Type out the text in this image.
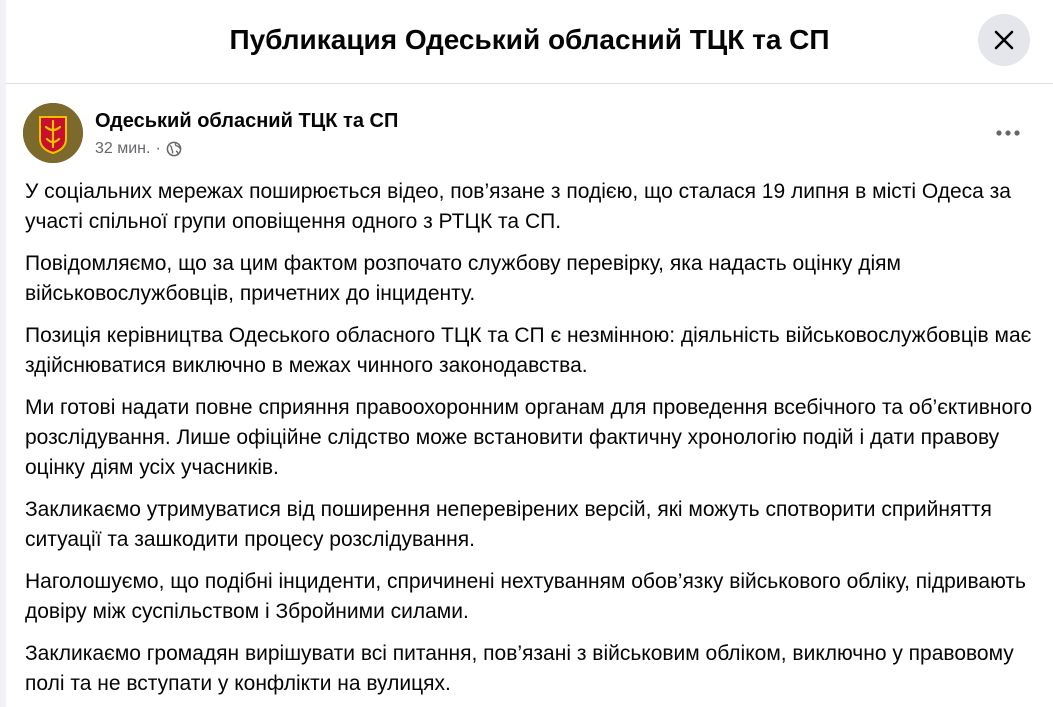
Публикация Одеський обласний ТЦК та СП
Одеський обласний ТЦК та СП
32 мин. ·

У соціальних мережах поширюється відео, пов’язане з подією, що сталася 19 липня в місті Одеса за участі спільної групи оповіщення одного з РТЦК та СП.

Повідомляємо, що за цим фактом розпочато службову перевірку, яка надасть оцінку діям військовослужбовців, причетних до інциденту.

Позиція керівництва Одеського обласного ТЦК та СП є незмінною: діяльність військовослужбовців має здійснюватися виключно в межах чинного законодавства.

Ми готові надати повне сприяння правоохоронним органам для проведення всебічного та об’єктивного розслідування. Лише офіційне слідство може встановити фактичну хронологію подій і дати правову оцінку діям усіх учасників.

Закликаємо утримуватися від поширення неперевірених версій, які можуть спотворити сприйняття ситуації та зашкодити процесу розслідування.

Наголошуємо, що подібні інциденти, спричинені нехтуванням обов’язку військового обліку, підривають довіру між суспільством і Збройними силами.

Закликаємо громадян вирішувати всі питання, пов’язані з військовим обліком, виключно у правовому полі та не вступати у конфлікти на вулицях.
